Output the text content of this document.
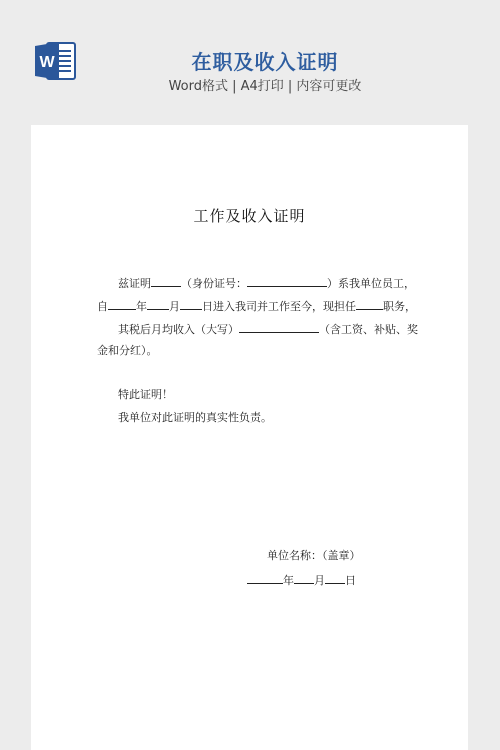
W	在职及收入证明
Word格式 | A4打印 | 内容可更改
工作及收入证明
兹证明	（身份证号：	）系我单位员工，
自	年 月 日进入我司并工作至今，现担任 职务，
其税后月均收入（大写）	（含工资、补贴、奖
金和分红）。
特此证明！
我单位对此证明的真实性负责。
单位名称：（盖章）
年 月 日
